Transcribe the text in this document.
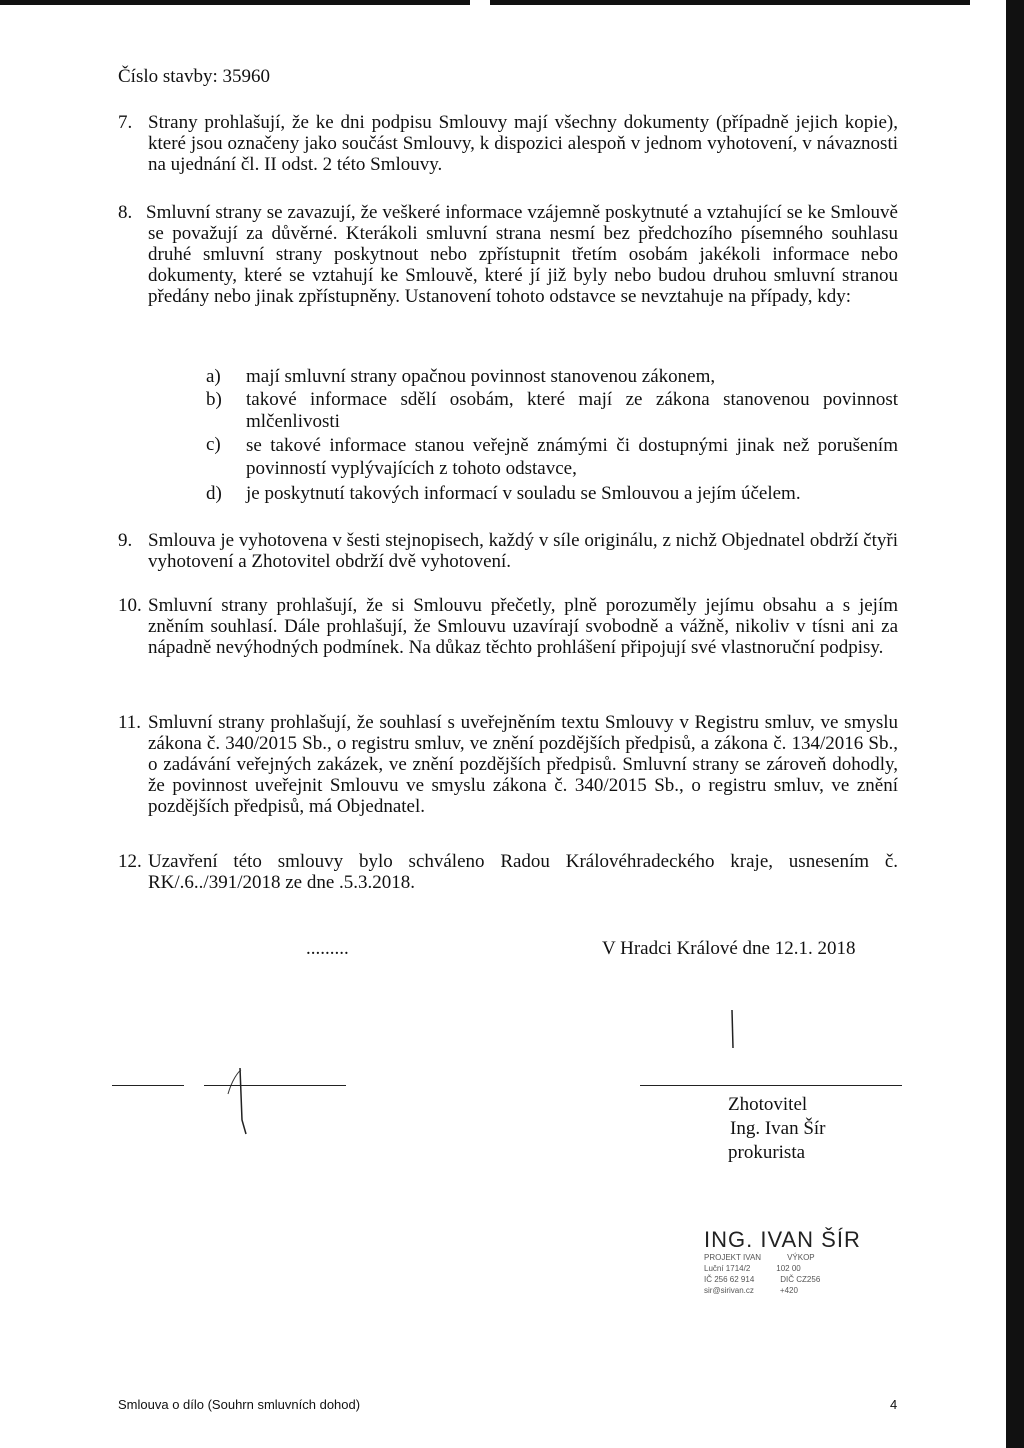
Číslo stavby: 35960
7. Strany prohlašují, že ke dni podpisu Smlouvy mají všechny dokumenty (případně jejich kopie), které jsou označeny jako součást Smlouvy, k dispozici alespoň v jednom vyhotovení, v návaznosti na ujednání čl. II odst. 2 této Smlouvy.
8. Smluvní strany se zavazují, že veškeré informace vzájemně poskytnuté a vztahující se ke Smlouvě se považují za důvěrné. Kterákoli smluvní strana nesmí bez předchozího písemného souhlasu druhé smluvní strany poskytnout nebo zpřístupnit třetím osobám jakékoli informace nebo dokumenty, které se vztahují ke Smlouvě, které jí již byly nebo budou druhou smluvní stranou předány nebo jinak zpřístupněny. Ustanovení tohoto odstavce se nevztahuje na případy, kdy:
a) mají smluvní strany opačnou povinnost stanovenou zákonem,
b) takové informace sdělí osobám, které mají ze zákona stanovenou povinnost mlčenlivosti
c) se takové informace stanou veřejně známými či dostupnými jinak než porušením povinností vyplývajících z tohoto odstavce,
d) je poskytnutí takových informací v souladu se Smlouvou a jejím účelem.
9. Smlouva je vyhotovena v šesti stejnopisech, každý v síle originálu, z nichž Objednatel obdrží čtyři vyhotovení a Zhotovitel obdrží dvě vyhotovení.
10. Smluvní strany prohlašují, že si Smlouvu přečetly, plně porozuměly jejímu obsahu a s jejím zněním souhlasí. Dále prohlašují, že Smlouvu uzavírají svobodně a vážně, nikoliv v tísni ani za nápadně nevýhodných podmínek. Na důkaz těchto prohlášení připojují své vlastnoruční podpisy.
11. Smluvní strany prohlašují, že souhlasí s uveřejněním textu Smlouvy v Registru smluv, ve smyslu zákona č. 340/2015 Sb., o registru smluv, ve znění pozdějších předpisů, a zákona č. 134/2016 Sb., o zadávání veřejných zakázek, ve znění pozdějších předpisů. Smluvní strany se zároveň dohodly, že povinnost uveřejnit Smlouvu ve smyslu zákona č. 340/2015 Sb., o registru smluv, ve znění pozdějších předpisů, má Objednatel.
12. Uzavření této smlouvy bylo schváleno Radou Královéhradeckého kraje, usnesením č. RK/.6../391/2018 ze dne .5.3.2018.
.........	V Hradci Králové dne 12.1. 2018
Zhotovitel
Ing. Ivan Šír
prokurista
ING. IVAN ŠÍR
PROJEKT IVAN	VÝKOP
Luční 1714/2	102 00
IČ 256 62 914	DIČ CZ256
sir@sirivan.cz	+420
Smlouva o dílo (Souhrn smluvních dohod)	4
